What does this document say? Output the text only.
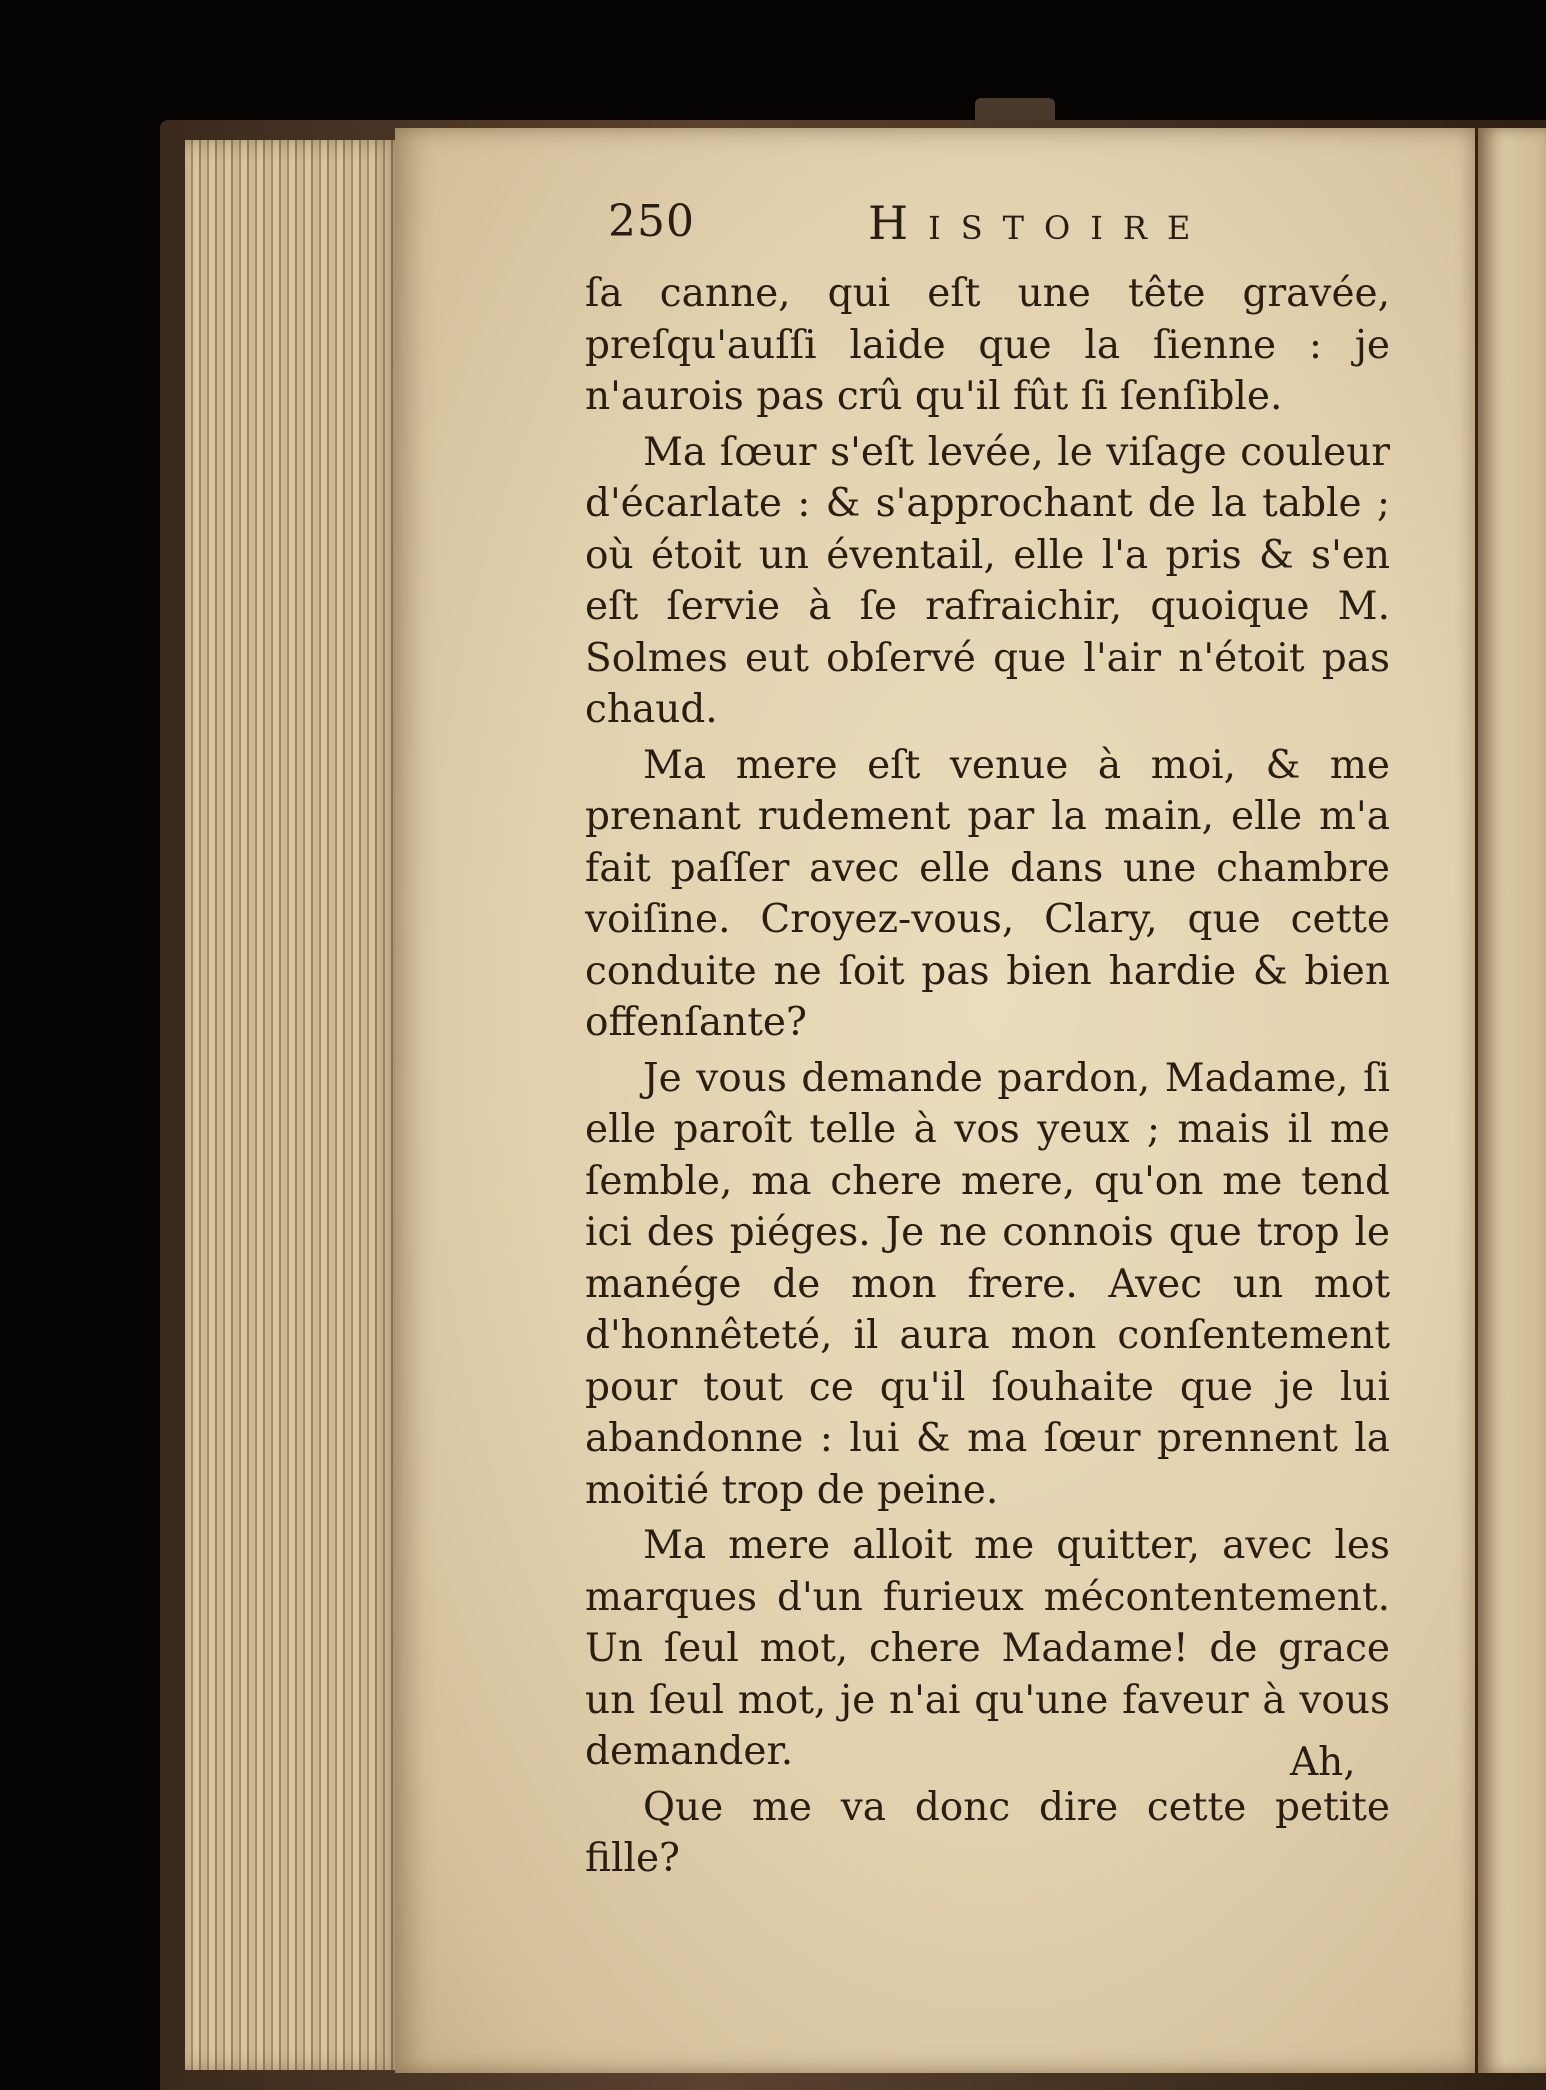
250	Histoire

ſa canne, qui eſt une tête gravée, preſqu'auſſi laide que la ſienne : je n'aurois pas crû qu'il fût ſi ſenſible.

Ma ſœur s'eſt levée, le viſage couleur d'écarlate : & s'approchant de la table ; où étoit un éventail, elle l'a pris & s'en eſt ſervie à ſe rafraichir, quoique M. Solmes eut obſervé que l'air n'étoit pas chaud.

Ma mere eſt venue à moi, & me prenant rudement par la main, elle m'a fait paſſer avec elle dans une chambre voiſine. Croyez-vous, Clary, que cette conduite ne ſoit pas bien hardie & bien offenſante?

Je vous demande pardon, Madame, ſi elle paroît telle à vos yeux ; mais il me ſemble, ma chere mere, qu'on me tend ici des piéges. Je ne connois que trop le manége de mon frere. Avec un mot d'honnêteté, il aura mon conſentement pour tout ce qu'il ſouhaite que je lui abandonne : lui & ma ſœur prennent la moitié trop de peine.

Ma mere alloit me quitter, avec les marques d'un furieux mécontentement. Un ſeul mot, chere Madame! de grace un ſeul mot, je n'ai qu'une faveur à vous demander.

Que me va donc dire cette petite fille?

Ah,
